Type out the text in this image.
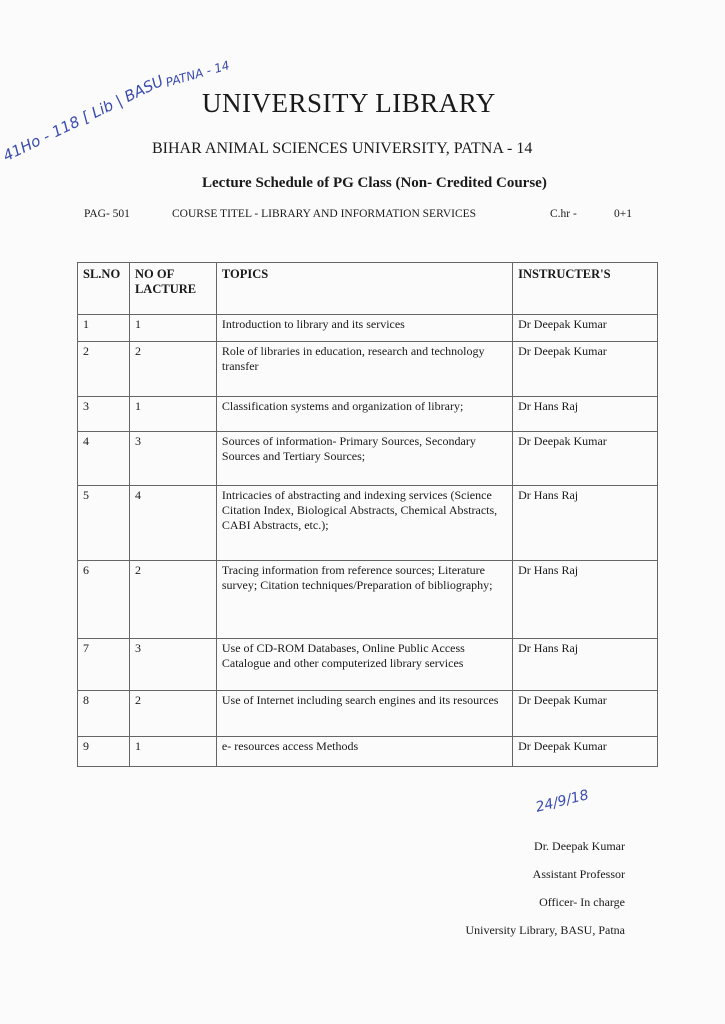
41Ho - 118 [ Lib | BASU
PATNA - 14
UNIVERSITY LIBRARY
BIHAR ANIMAL SCIENCES UNIVERSITY, PATNA - 14
Lecture Schedule of PG Class (Non- Credited Course)
PAG- 501	COURSE TITEL - LIBRARY AND INFORMATION SERVICES	C.hr -	0+1
SL.NO	NO OF LACTURE	TOPICS	INSTRUCTER'S
1	1	Introduction to library and its services	Dr Deepak Kumar
2	2	Role of libraries in education, research and technology transfer	Dr Deepak Kumar
3	1	Classification systems and organization of library;	Dr Hans Raj
4	3	Sources of information- Primary Sources, Secondary Sources and Tertiary Sources;	Dr Deepak Kumar
5	4	Intricacies of abstracting and indexing services (Science Citation Index, Biological Abstracts, Chemical Abstracts, CABI Abstracts, etc.);	Dr Hans Raj
6	2	Tracing information from reference sources; Literature survey; Citation techniques/Preparation of bibliography;	Dr Hans Raj
7	3	Use of CD-ROM Databases, Online Public Access Catalogue and other computerized library services	Dr Hans Raj
8	2	Use of Internet including search engines and its resources	Dr Deepak Kumar
9	1	e- resources access Methods	Dr Deepak Kumar
24/9/18
Dr. Deepak Kumar
Assistant Professor
Officer- In charge
University Library, BASU, Patna
